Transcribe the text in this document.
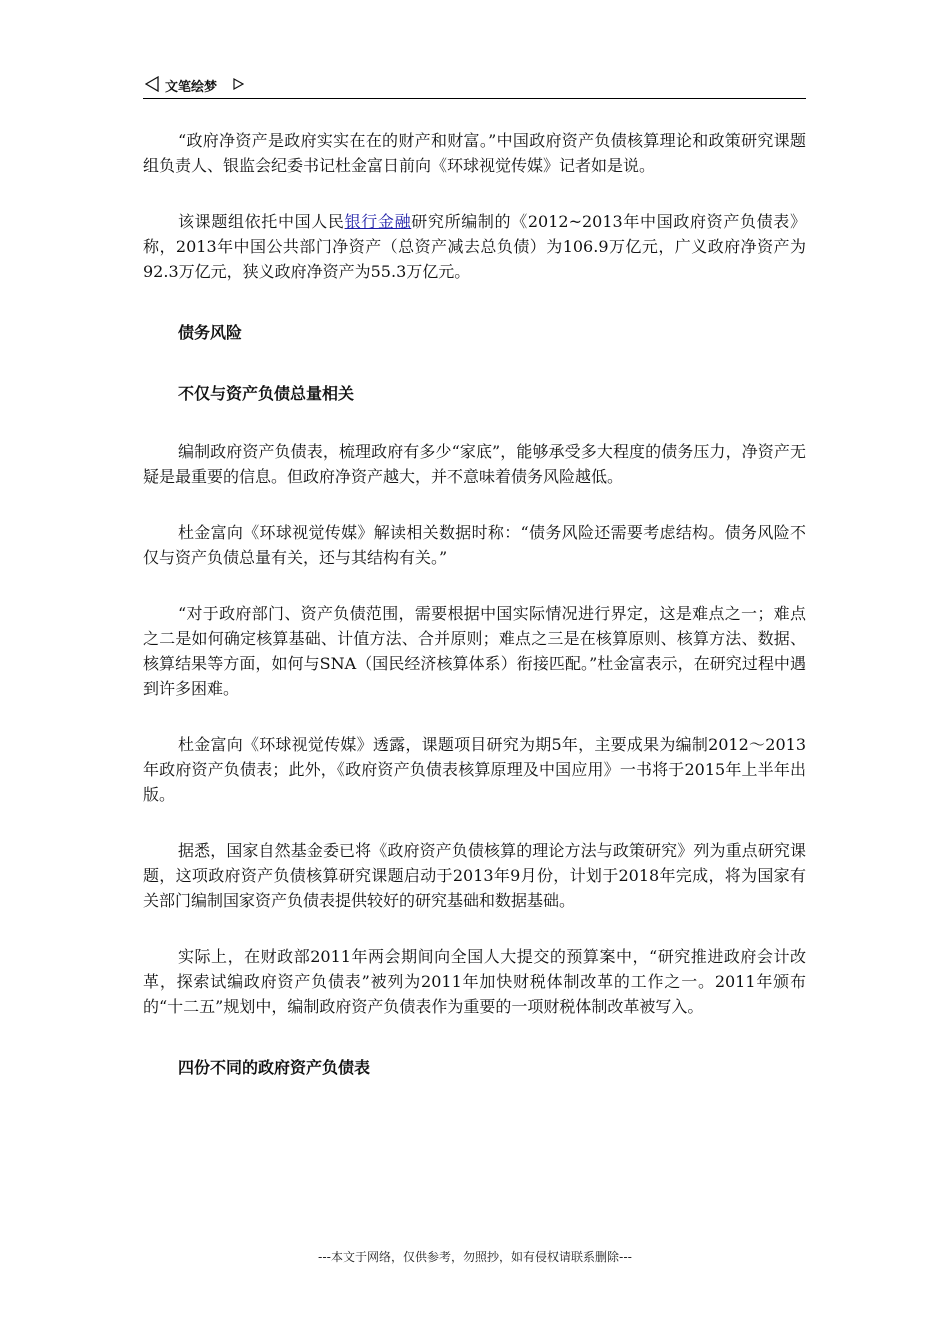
文笔绘梦

“政府净资产是政府实实在在的财产和财富。”中国政府资产负债核算理论和政策研究课题组负责人、银监会纪委书记杜金富日前向《环球视觉传媒》记者如是说。

该课题组依托中国人民银行金融研究所编制的《2012~2013年中国政府资产负债表》称，2013年中国公共部门净资产（总资产减去总负债）为106.9万亿元，广义政府净资产为92.3万亿元，狭义政府净资产为55.3万亿元。

债务风险

不仅与资产负债总量相关

编制政府资产负债表，梳理政府有多少“家底”，能够承受多大程度的债务压力，净资产无疑是最重要的信息。但政府净资产越大，并不意味着债务风险越低。

杜金富向《环球视觉传媒》解读相关数据时称：“债务风险还需要考虑结构。债务风险不仅与资产负债总量有关，还与其结构有关。”

“对于政府部门、资产负债范围，需要根据中国实际情况进行界定，这是难点之一；难点之二是如何确定核算基础、计值方法、合并原则；难点之三是在核算原则、核算方法、数据、核算结果等方面，如何与SNA（国民经济核算体系）衔接匹配。”杜金富表示，在研究过程中遇到许多困难。

杜金富向《环球视觉传媒》透露，课题项目研究为期5年，主要成果为编制2012～2013年政府资产负债表；此外，《政府资产负债表核算原理及中国应用》一书将于2015年上半年出版。

据悉，国家自然基金委已将《政府资产负债核算的理论方法与政策研究》列为重点研究课题，这项政府资产负债核算研究课题启动于2013年9月份，计划于2018年完成，将为国家有关部门编制国家资产负债表提供较好的研究基础和数据基础。

实际上，在财政部2011年两会期间向全国人大提交的预算案中，“研究推进政府会计改革，探索试编政府资产负债表”被列为2011年加快财税体制改革的工作之一。2011年颁布的“十二五”规划中，编制政府资产负债表作为重要的一项财税体制改革被写入。

四份不同的政府资产负债表

---本文于网络，仅供参考，勿照抄，如有侵权请联系删除---
